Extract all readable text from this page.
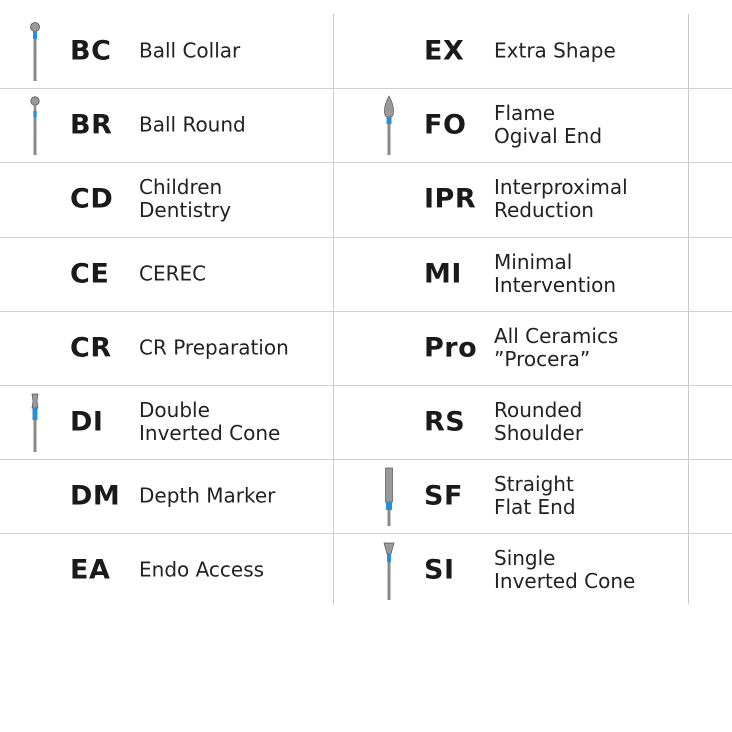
BC Ball Collar
BR Ball Round
CD Children
Dentistry
CE CEREC
CR CR Preparation
DI Double
Inverted Cone
DM Depth Marker
EA Endo Access
EX Extra Shape
FO Flame
Ogival End
IPR Interproximal
Reduction
MI Minimal
Intervention
Pro All Ceramics
”Procera”
RS Rounded
Shoulder
SF Straight
Flat End
SI Single
Inverted Cone
